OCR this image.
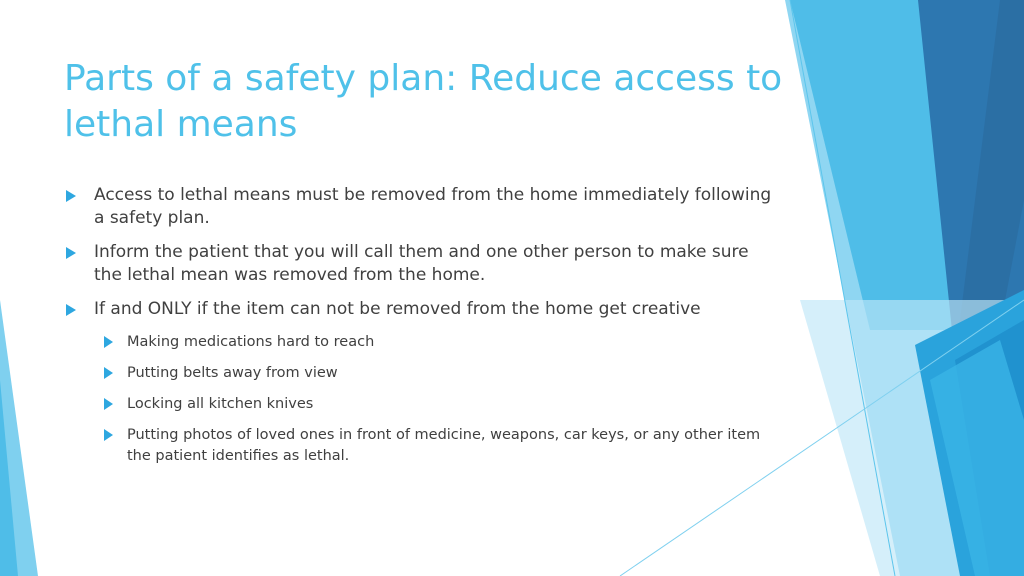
Parts of a safety plan: Reduce access to lethal means
Access to lethal means must be removed from the home immediately following a safety plan.
Inform the patient that you will call them and one other person to make sure the lethal mean was removed from the home.
If and ONLY if the item can not be removed from the home get creative
Making medications hard to reach
Putting belts away from view
Locking all kitchen knives
Putting photos of loved ones in front of medicine, weapons, car keys, or any other item the patient identifies as lethal.
